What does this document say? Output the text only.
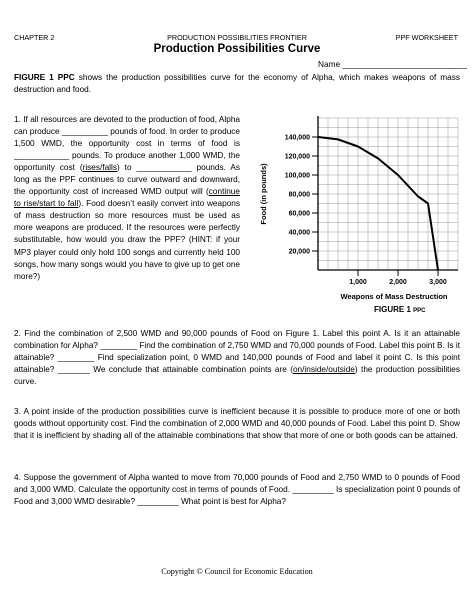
CHAPTER 2	PRODUCTION POSSIBILITIES FRONTIER	PPF WORKSHEET
Production Possibilities Curve
Name ___________________________

FIGURE 1 PPC shows the production possibilities curve for the economy of Alpha, which makes weapons of mass destruction and food.

1. If all resources are devoted to the production of food, Alpha can produce __________ pounds of food. In order to produce 1,500 WMD, the opportunity cost in terms of food is ____________ pounds. To produce another 1,000 WMD, the opportunity cost (rises/falls) to ____________ pounds. As long as the PPF continues to curve outward and downward, the opportunity cost of increased WMD output will (continue to rise/start to fall). Food doesn’t easily convert into weapons of mass destruction so more resources must be used as more weapons are produced. If the resources were perfectly substitutable, how would you draw the PPF? (HINT: if your MP3 player could only hold 100 songs and currently held 100 songs, how many songs would you have to give up to get one more?)

20,000
40,000
60,000
80,000
100,000
120,000
140,000
1,000	2,000	3,000
Food (in pounds)
Weapons of Mass Destruction
FIGURE 1 PPC

2. Find the combination of 2,500 WMD and 90,000 pounds of Food on Figure 1. Label this point A. Is it an attainable combination for Alpha? ________ Find the combination of 2,750 WMD and 70,000 pounds of Food. Label this point B. Is it attainable? ________ Find specialization point, 0 WMD and 140,000 pounds of Food and label it point C. Is this point attainable? _______ We conclude that attainable combination points are (on/inside/outside) the production possibilities curve.

3. A point inside of the production possibilities curve is inefficient because it is possible to produce more of one or both goods without opportunity cost. Find the combination of 2,000 WMD and 40,000 pounds of Food. Label this point D. Show that it is inefficient by shading all of the attainable combinations that show that more of one or both goods can be attained.

4. Suppose the government of Alpha wanted to move from 70,000 pounds of Food and 2,750 WMD to 0 pounds of Food and 3,000 WMD. Calculate the opportunity cost in terms of pounds of Food. _________ Is specialization point 0 pounds of Food and 3,000 WMD desirable? _________ What point is best for Alpha?

Copyright © Council for Economic Education
